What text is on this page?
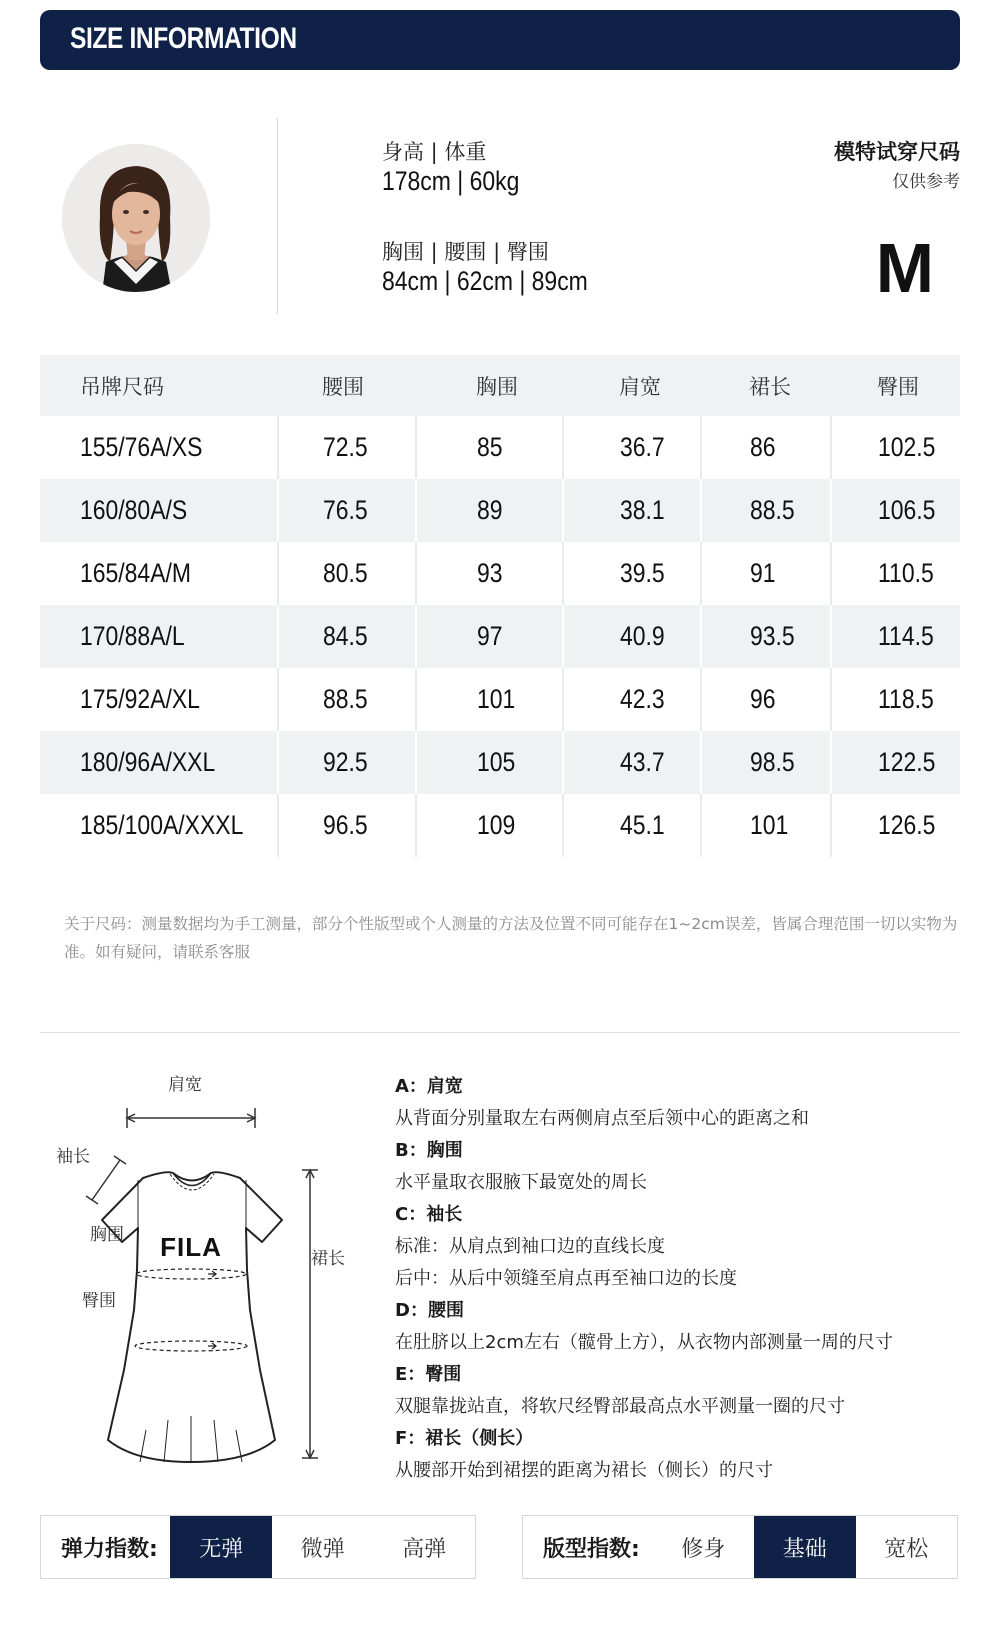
SIZE INFORMATION
身高 | 体重
178cm | 60kg
胸围 | 腰围 | 臀围
84cm | 62cm | 89cm
模特试穿尺码
仅供参考
M
吊牌尺码	腰围	胸围	肩宽	裙长	臀围
155/76A/XS	72.5	85	36.7	86	102.5
160/80A/S	76.5	89	38.1	88.5	106.5
165/84A/M	80.5	93	39.5	91	110.5
170/88A/L	84.5	97	40.9	93.5	114.5
175/92A/XL	88.5	101	42.3	96	118.5
180/96A/XXL	92.5	105	43.7	98.5	122.5
185/100A/XXXL	96.5	109	45.1	101	126.5
关于尺码：测量数据均为手工测量，部分个性版型或个人测量的方法及位置不同可能存在1~2cm误差，皆属合理范围一切以实物为准。如有疑问，请联系客服
FILA
肩宽
袖长
胸围
臀围
裙长
A：肩宽
从背面分别量取左右两侧肩点至后领中心的距离之和
B：胸围
水平量取衣服腋下最宽处的周长
C：袖长
标准：从肩点到袖口边的直线长度
后中：从后中领缝至肩点再至袖口边的长度
D：腰围
在肚脐以上2cm左右（髋骨上方），从衣物内部测量一周的尺寸
E：臀围
双腿靠拢站直，将软尺经臀部最高点水平测量一圈的尺寸
F：裙长（侧长）
从腰部开始到裙摆的距离为裙长（侧长）的尺寸
弹力指数:	无弹	微弹	高弹	版型指数:	修身	基础	宽松
